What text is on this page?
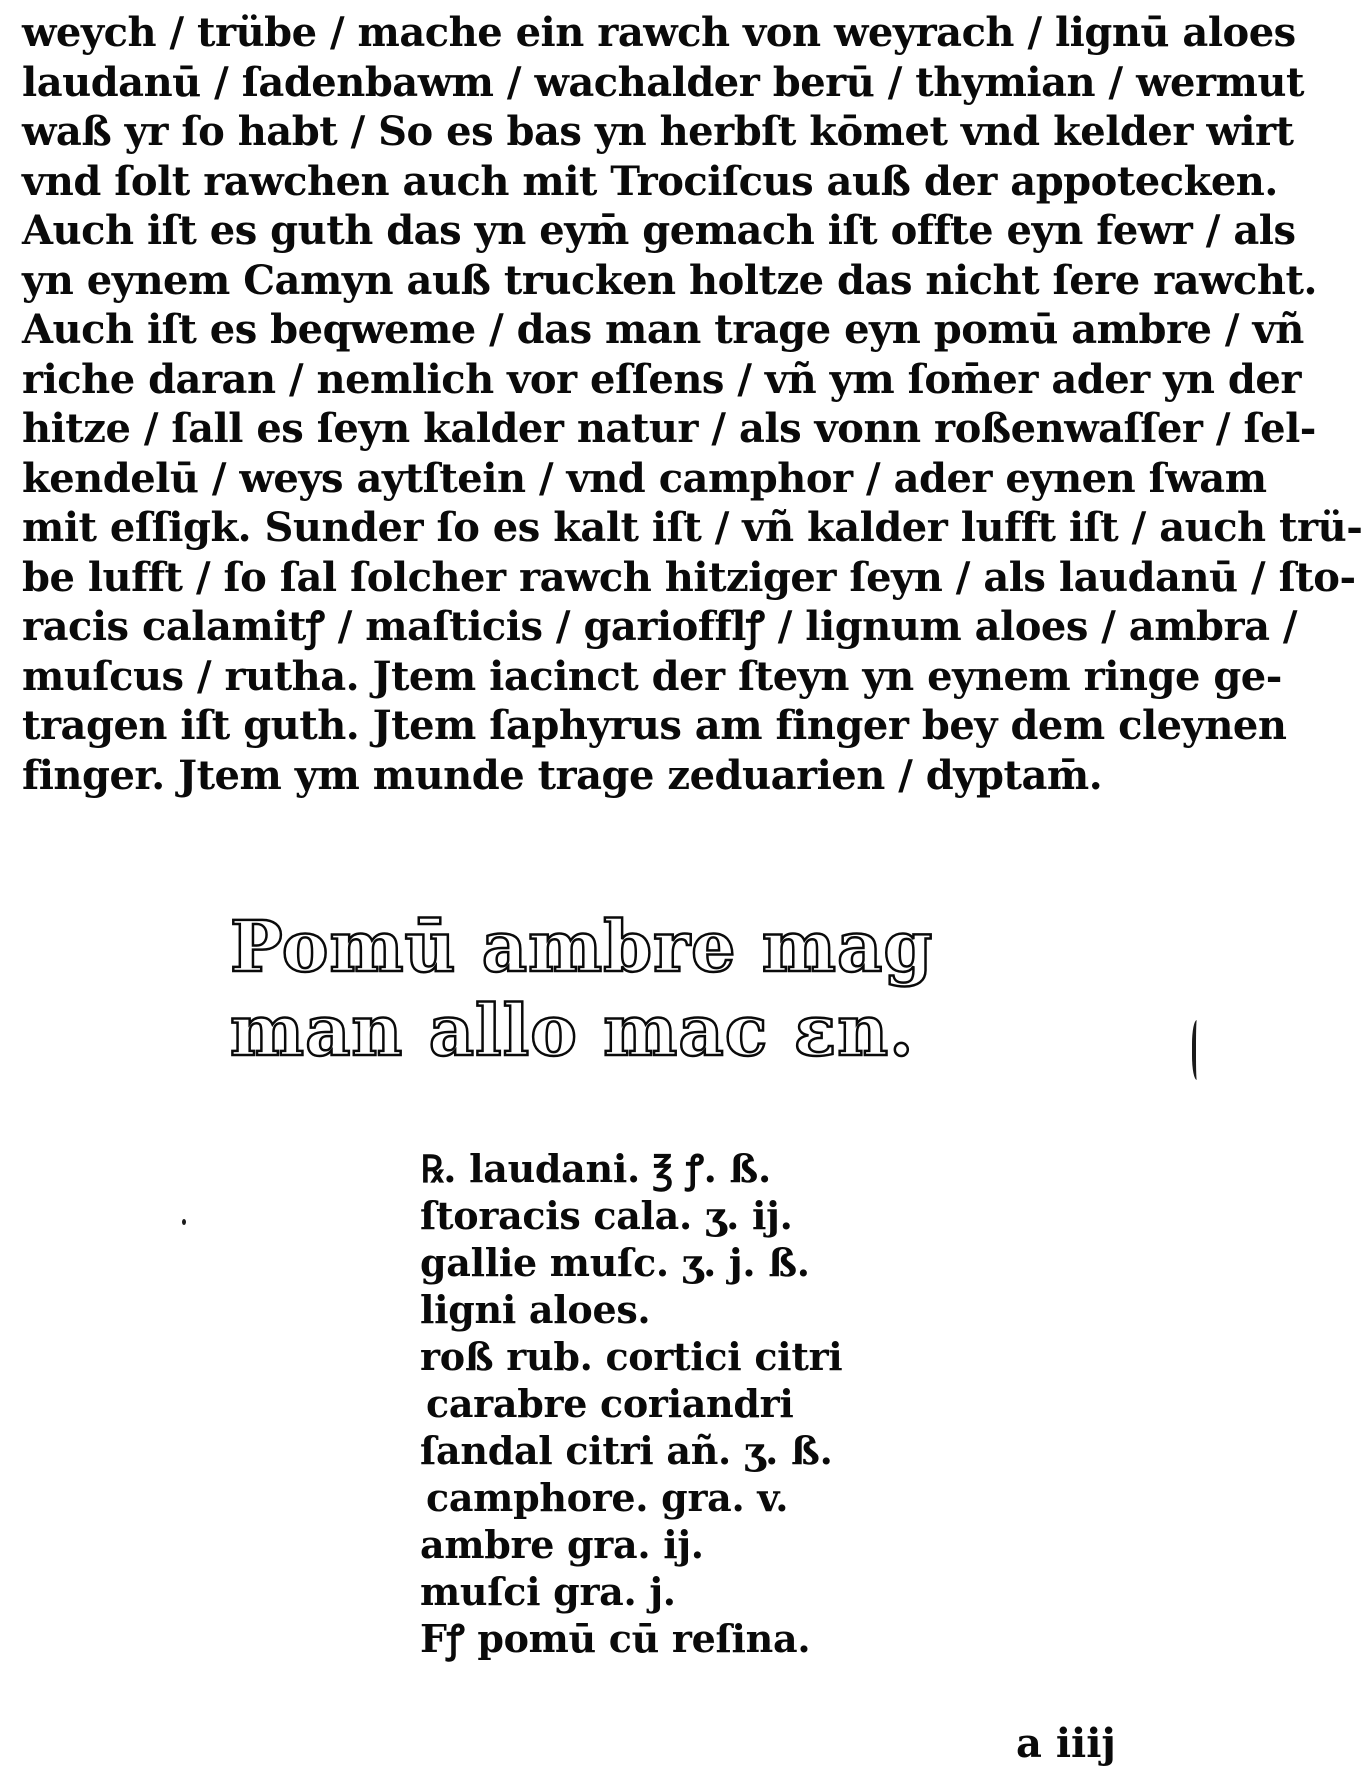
weych / trübe / mache ein rawch von weyrach / lignū aloes
laudanū / ſadenbawm / wachalder berū / thymian / wermut
waß yr ſo habt / So es bas yn herbſt kōmet vnd kelder wirt
vnd ſolt rawchen auch mit Trociſcus auß der appotecken.
Auch iſt es guth das yn eym̄ gemach iſt offte eyn fewr / als
yn eynem Camyn auß trucken holtze das nicht ſere rawcht.
Auch iſt es beqweme / das man trage eyn pomū ambre / vñ
riche daran / nemlich vor eſſens / vñ ym ſom̄er ader yn der
hitze / ſall es ſeyn kalder natur / als vonn roßenwaſſer / ſel-
kendelū / weys aytſtein / vnd camphor / ader eynen ſwam
mit eſſigk. Sunder ſo es kalt iſt / vñ kalder lufft iſt / auch trü-
be lufft / ſo ſal ſolcher rawch hitziger ſeyn / als laudanū / ſto-
racis calamitꝭ / maſticis / gariofflꝭ / lignum aloes / ambra /
muſcus / rutha. Jtem iacinct der ſteyn yn eynem ringe ge-
tragen iſt guth. Jtem ſaphyrus am finger bey dem cleynen
finger. Jtem ym munde trage zeduarien / dyptam̄.
Pomū ambre mag
man allo mac ɛn.
℞. laudani. ℥ ꝭ. ß.
ſtoracis cala. ʒ. ij.
gallie muſc. ʒ. j. ß.
ligni aloes.
roß rub. cortici citri
carabre coriandri
ſandal citri añ. ʒ. ß.
camphore. gra. v.
ambre gra. ij.
muſci gra. j.
Fꝭ pomū cū reſina.
a iiij
